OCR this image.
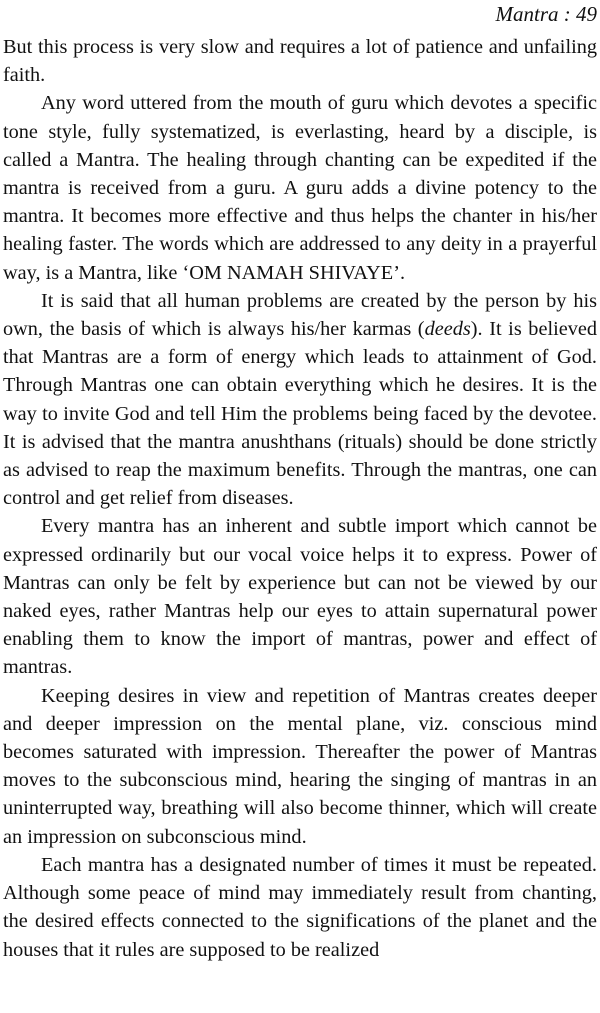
Mantra : 49

But this process is very slow and requires a lot of patience and unfailing faith.

Any word uttered from the mouth of guru which devotes a specific tone style, fully systematized, is everlasting, heard by a disciple, is called a Mantra. The healing through chanting can be expedited if the mantra is received from a guru. A guru adds a divine potency to the mantra. It becomes more effective and thus helps the chanter in his/her healing faster. The words which are addressed to any deity in a prayerful way, is a Mantra, like ‘OM NAMAH SHIVAYE’.

It is said that all human problems are created by the person by his own, the basis of which is always his/her karmas (deeds). It is believed that Mantras are a form of energy which leads to attainment of God. Through Mantras one can obtain everything which he desires. It is the way to invite God and tell Him the problems being faced by the devotee. It is advised that the mantra anushthans (rituals) should be done strictly as advised to reap the maximum benefits. Through the mantras, one can control and get relief from diseases.

Every mantra has an inherent and subtle import which cannot be expressed ordinarily but our vocal voice helps it to express. Power of Mantras can only be felt by experience but can not be viewed by our naked eyes, rather Mantras help our eyes to attain supernatural power enabling them to know the import of mantras, power and effect of mantras.

Keeping desires in view and repetition of Mantras creates deeper and deeper impression on the mental plane, viz. conscious mind becomes saturated with impression. Thereafter the power of Mantras moves to the subconscious mind, hearing the singing of mantras in an uninterrupted way, breathing will also become thinner, which will create an impression on subconscious mind.

Each mantra has a designated number of times it must be repeated. Although some peace of mind may immediately result from chanting, the desired effects connected to the significations of the planet and the houses that it rules are supposed to be realized
